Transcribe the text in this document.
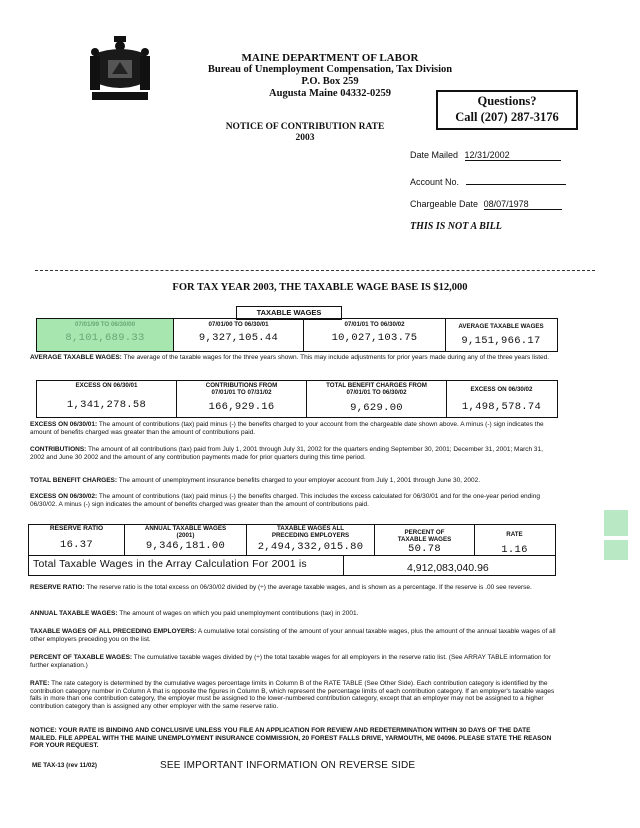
MAINE DEPARTMENT OF LABOR
Bureau of Unemployment Compensation, Tax Division
P.O. Box 259
Augusta Maine 04332-0259
Questions?
Call (207) 287-3176
NOTICE OF CONTRIBUTION RATE
2003
Date Mailed 12/31/2002
Account No.
Chargeable Date 08/07/1978
THIS IS NOT A BILL
FOR TAX YEAR 2003, THE TAXABLE WAGE BASE IS $12,000
TAXABLE WAGES
07/01/99 TO 06/30/00
8,101,689.33
07/01/00 TO 06/30/01
9,327,105.44
07/01/01 TO 06/30/02
10,027,103.75
AVERAGE TAXABLE WAGES
9,151,966.17
AVERAGE TAXABLE WAGES: The average of the taxable wages for the three years shown. This may include adjustments for prior years made during any of the three years listed.
EXCESS ON 06/30/01
1,341,278.58
CONTRIBUTIONS FROM 07/01/01 TO 07/31/02
166,929.16
TOTAL BENEFIT CHARGES FROM 07/01/01 TO 06/30/02
9,629.00
EXCESS ON 06/30/02
1,498,578.74
EXCESS ON 06/30/01: The amount of contributions (tax) paid minus (-) the benefits charged to your account from the chargeable date shown above. A minus (-) sign indicates the amount of benefits charged was greater than the amount of contributions paid.
CONTRIBUTIONS: The amount of all contributions (tax) paid from July 1, 2001 through July 31, 2002 for the quarters ending September 30, 2001; December 31, 2001; March 31, 2002 and June 30 2002 and the amount of any contribution payments made for prior quarters during this time period.
TOTAL BENEFIT CHARGES: The amount of unemployment insurance benefits charged to your employer account from July 1, 2001 through June 30, 2002.
EXCESS ON 06/30/02: The amount of contributions (tax) paid minus (-) the benefits charged. This includes the excess calculated for 06/30/01 and for the one-year period ending 06/30/02. A minus (-) sign indicates the amount of benefits charged was greater than the amount of contributions paid.
RESERVE RATIO
16.37
ANNUAL TAXABLE WAGES (2001)
9,346,181.00
TAXABLE WAGES ALL PRECEDING EMPLOYERS
2,494,332,015.80
PERCENT OF TAXABLE WAGES
50.78
RATE
1.16
Total Taxable Wages in the Array Calculation For 2001 is	4,912,083,040.96
RESERVE RATIO: The reserve ratio is the total excess on 06/30/02 divided by (÷) the average taxable wages, and is shown as a percentage. If the reserve is .00 see reverse.
ANNUAL TAXABLE WAGES: The amount of wages on which you paid unemployment contributions (tax) in 2001.
TAXABLE WAGES OF ALL PRECEDING EMPLOYERS: A cumulative total consisting of the amount of your annual taxable wages, plus the amount of the annual taxable wages of all other employers preceding you on the list.
PERCENT OF TAXABLE WAGES: The cumulative taxable wages divided by (÷) the total taxable wages for all employers in the reserve ratio list. (See ARRAY TABLE information for further explanation.)
RATE: The rate category is determined by the cumulative wages percentage limits in Column B of the RATE TABLE (See Other Side). Each contribution category is identified by the contribution category number in Column A that is opposite the figures in Column B, which represent the percentage limits of each contribution category. If an employer's taxable wages falls in more than one contribution category, the employer must be assigned to the lower-numbered contribution category, except that an employer may not be assigned to a higher contribution category than is assigned any other employer with the same reserve ratio.
NOTICE: YOUR RATE IS BINDING AND CONCLUSIVE UNLESS YOU FILE AN APPLICATION FOR REVIEW AND REDETERMINATION WITHIN 30 DAYS OF THE DATE MAILED. FILE APPEAL WITH THE MAINE UNEMPLOYMENT INSURANCE COMMISSION, 20 FOREST FALLS DRIVE, YARMOUTH, ME 04096. PLEASE STATE THE REASON FOR YOUR REQUEST.
ME TAX-13 (rev 11/02)	SEE IMPORTANT INFORMATION ON REVERSE SIDE
